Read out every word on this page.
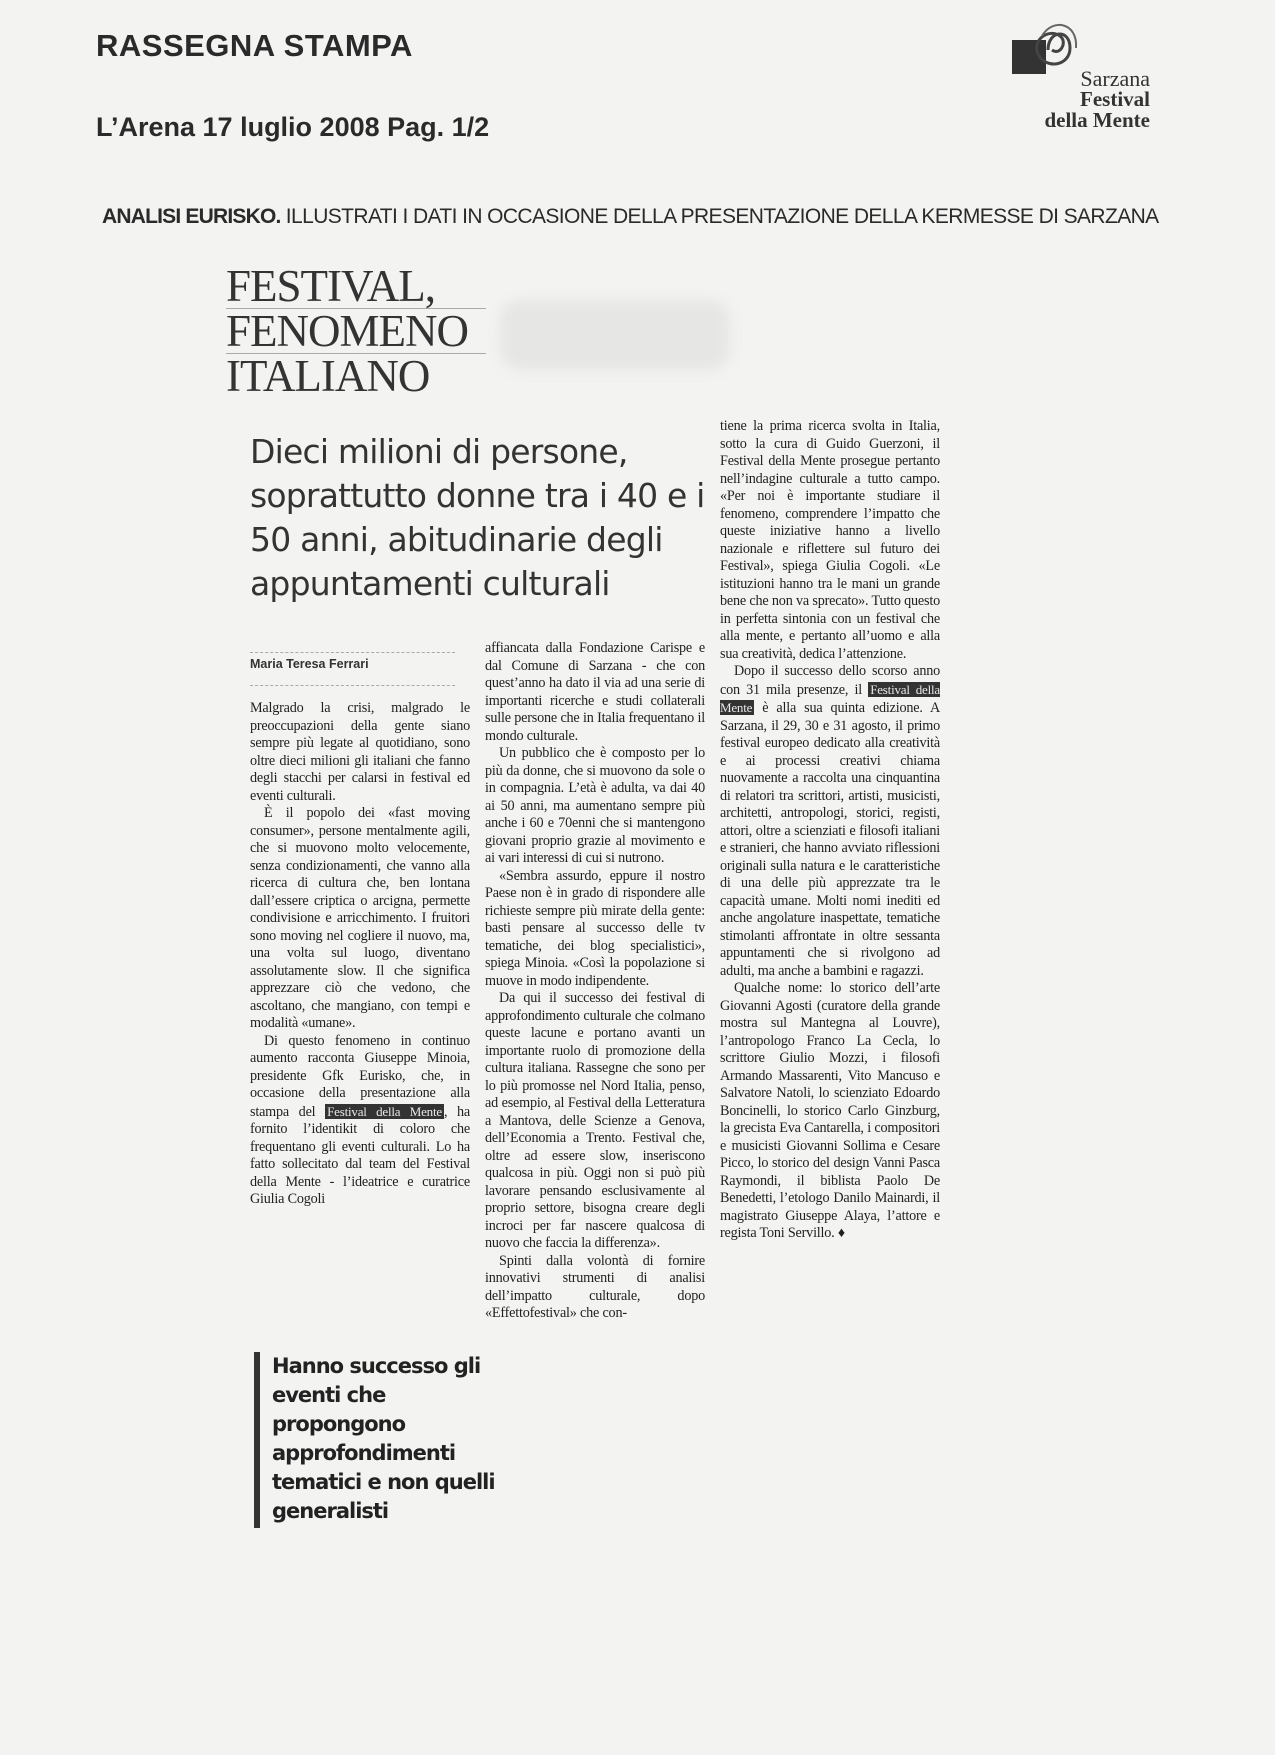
RASSEGNA STAMPA
L’Arena 17 luglio 2008 Pag. 1/2
Sarzana
Festival
della Mente
ANALISI EURISKO. ILLUSTRATI I DATI IN OCCASIONE DELLA PRESENTAZIONE DELLA KERMESSE DI SARZANA
FESTIVAL,
FENOMENO
ITALIANO
Dieci milioni di persone, soprattutto donne tra i 40 e i 50 anni, abitudinarie degli appuntamenti culturali
Maria Teresa Ferrari

Malgrado la crisi, malgrado le preoccupazioni della gente siano sempre più legate al quotidiano, sono oltre dieci milioni gli italiani che fanno degli stacchi per calarsi in festival ed eventi culturali.

È il popolo dei «fast moving consumer», persone mentalmente agili, che si muovono molto velocemente, senza condizionamenti, che vanno alla ricerca di cultura che, ben lontana dall’essere criptica o arcigna, permette condivisione e arricchimento. I fruitori sono moving nel cogliere il nuovo, ma, una volta sul luogo, diventano assolutamente slow. Il che significa apprezzare ciò che vedono, che ascoltano, che mangiano, con tempi e modalità «umane».

Di questo fenomeno in continuo aumento racconta Giuseppe Minoia, presidente Gfk Eurisko, che, in occasione della presentazione alla stampa del Festival della Mente , ha fornito l’identikit di coloro che frequentano gli eventi culturali. Lo ha fatto sollecitato dal team del Festival della Mente - l’ideatrice e curatrice Giulia Cogoli

Hanno successo gli eventi che propongono approfondimenti tematici e non quelli generalisti

affiancata dalla Fondazione Carispe e dal Comune di Sarzana - che con quest’anno ha dato il via ad una serie di importanti ricerche e studi collaterali sulle persone che in Italia frequentano il mondo culturale.

Un pubblico che è composto per lo più da donne, che si muovono da sole o in compagnia. L’età è adulta, va dai 40 ai 50 anni, ma aumentano sempre più anche i 60 e 70enni che si mantengono giovani proprio grazie al movimento e ai vari interessi di cui si nutrono.

«Sembra assurdo, eppure il nostro Paese non è in grado di rispondere alle richieste sempre più mirate della gente: basti pensare al successo delle tv tematiche, dei blog specialistici», spiega Minoia. «Così la popolazione si muove in modo indipendente.

Da qui il successo dei festival di approfondimento culturale che colmano queste lacune e portano avanti un importante ruolo di promozione della cultura italiana. Rassegne che sono per lo più promosse nel Nord Italia, penso, ad esempio, al Festival della Letteratura a Mantova, delle Scienze a Genova, dell’Economia a Trento. Festival che, oltre ad essere slow, inseriscono qualcosa in più. Oggi non si può più lavorare pensando esclusivamente al proprio settore, bisogna creare degli incroci per far nascere qualcosa di nuovo che faccia la differenza».

Spinti dalla volontà di fornire innovativi strumenti di analisi dell’impatto culturale, dopo «Effettofestival» che con-

tiene la prima ricerca svolta in Italia, sotto la cura di Guido Guerzoni, il Festival della Mente prosegue pertanto nell’indagine culturale a tutto campo. «Per noi è importante studiare il fenomeno, comprendere l’impatto che queste iniziative hanno a livello nazionale e riflettere sul futuro dei Festival», spiega Giulia Cogoli. «Le istituzioni hanno tra le mani un grande bene che non va sprecato». Tutto questo in perfetta sintonia con un festival che alla mente, e pertanto all’uomo e alla sua creatività, dedica l’attenzione.

Dopo il successo dello scorso anno con 31 mila presenze, il Festival della Mente è alla sua quinta edizione. A Sarzana, il 29, 30 e 31 agosto, il primo festival europeo dedicato alla creatività e ai processi creativi chiama nuovamente a raccolta una cinquantina di relatori tra scrittori, artisti, musicisti, architetti, antropologi, storici, registi, attori, oltre a scienziati e filosofi italiani e stranieri, che hanno avviato riflessioni originali sulla natura e le caratteristiche di una delle più apprezzate tra le capacità umane. Molti nomi inediti ed anche angolature inaspettate, tematiche stimolanti affrontate in oltre sessanta appuntamenti che si rivolgono ad adulti, ma anche a bambini e ragazzi.

Qualche nome: lo storico dell’arte Giovanni Agosti (curatore della grande mostra sul Mantegna al Louvre), l’antropologo Franco La Cecla, lo scrittore Giulio Mozzi, i filosofi Armando Massarenti, Vito Mancuso e Salvatore Natoli, lo scienziato Edoardo Boncinelli, lo storico Carlo Ginzburg, la grecista Eva Cantarella, i compositori e musicisti Giovanni Sollima e Cesare Picco, lo storico del design Vanni Pasca Raymondi, il biblista Paolo De Benedetti, l’etologo Danilo Mainardi, il magistrato Giuseppe Alaya, l’attore e regista Toni Servillo. ♦
